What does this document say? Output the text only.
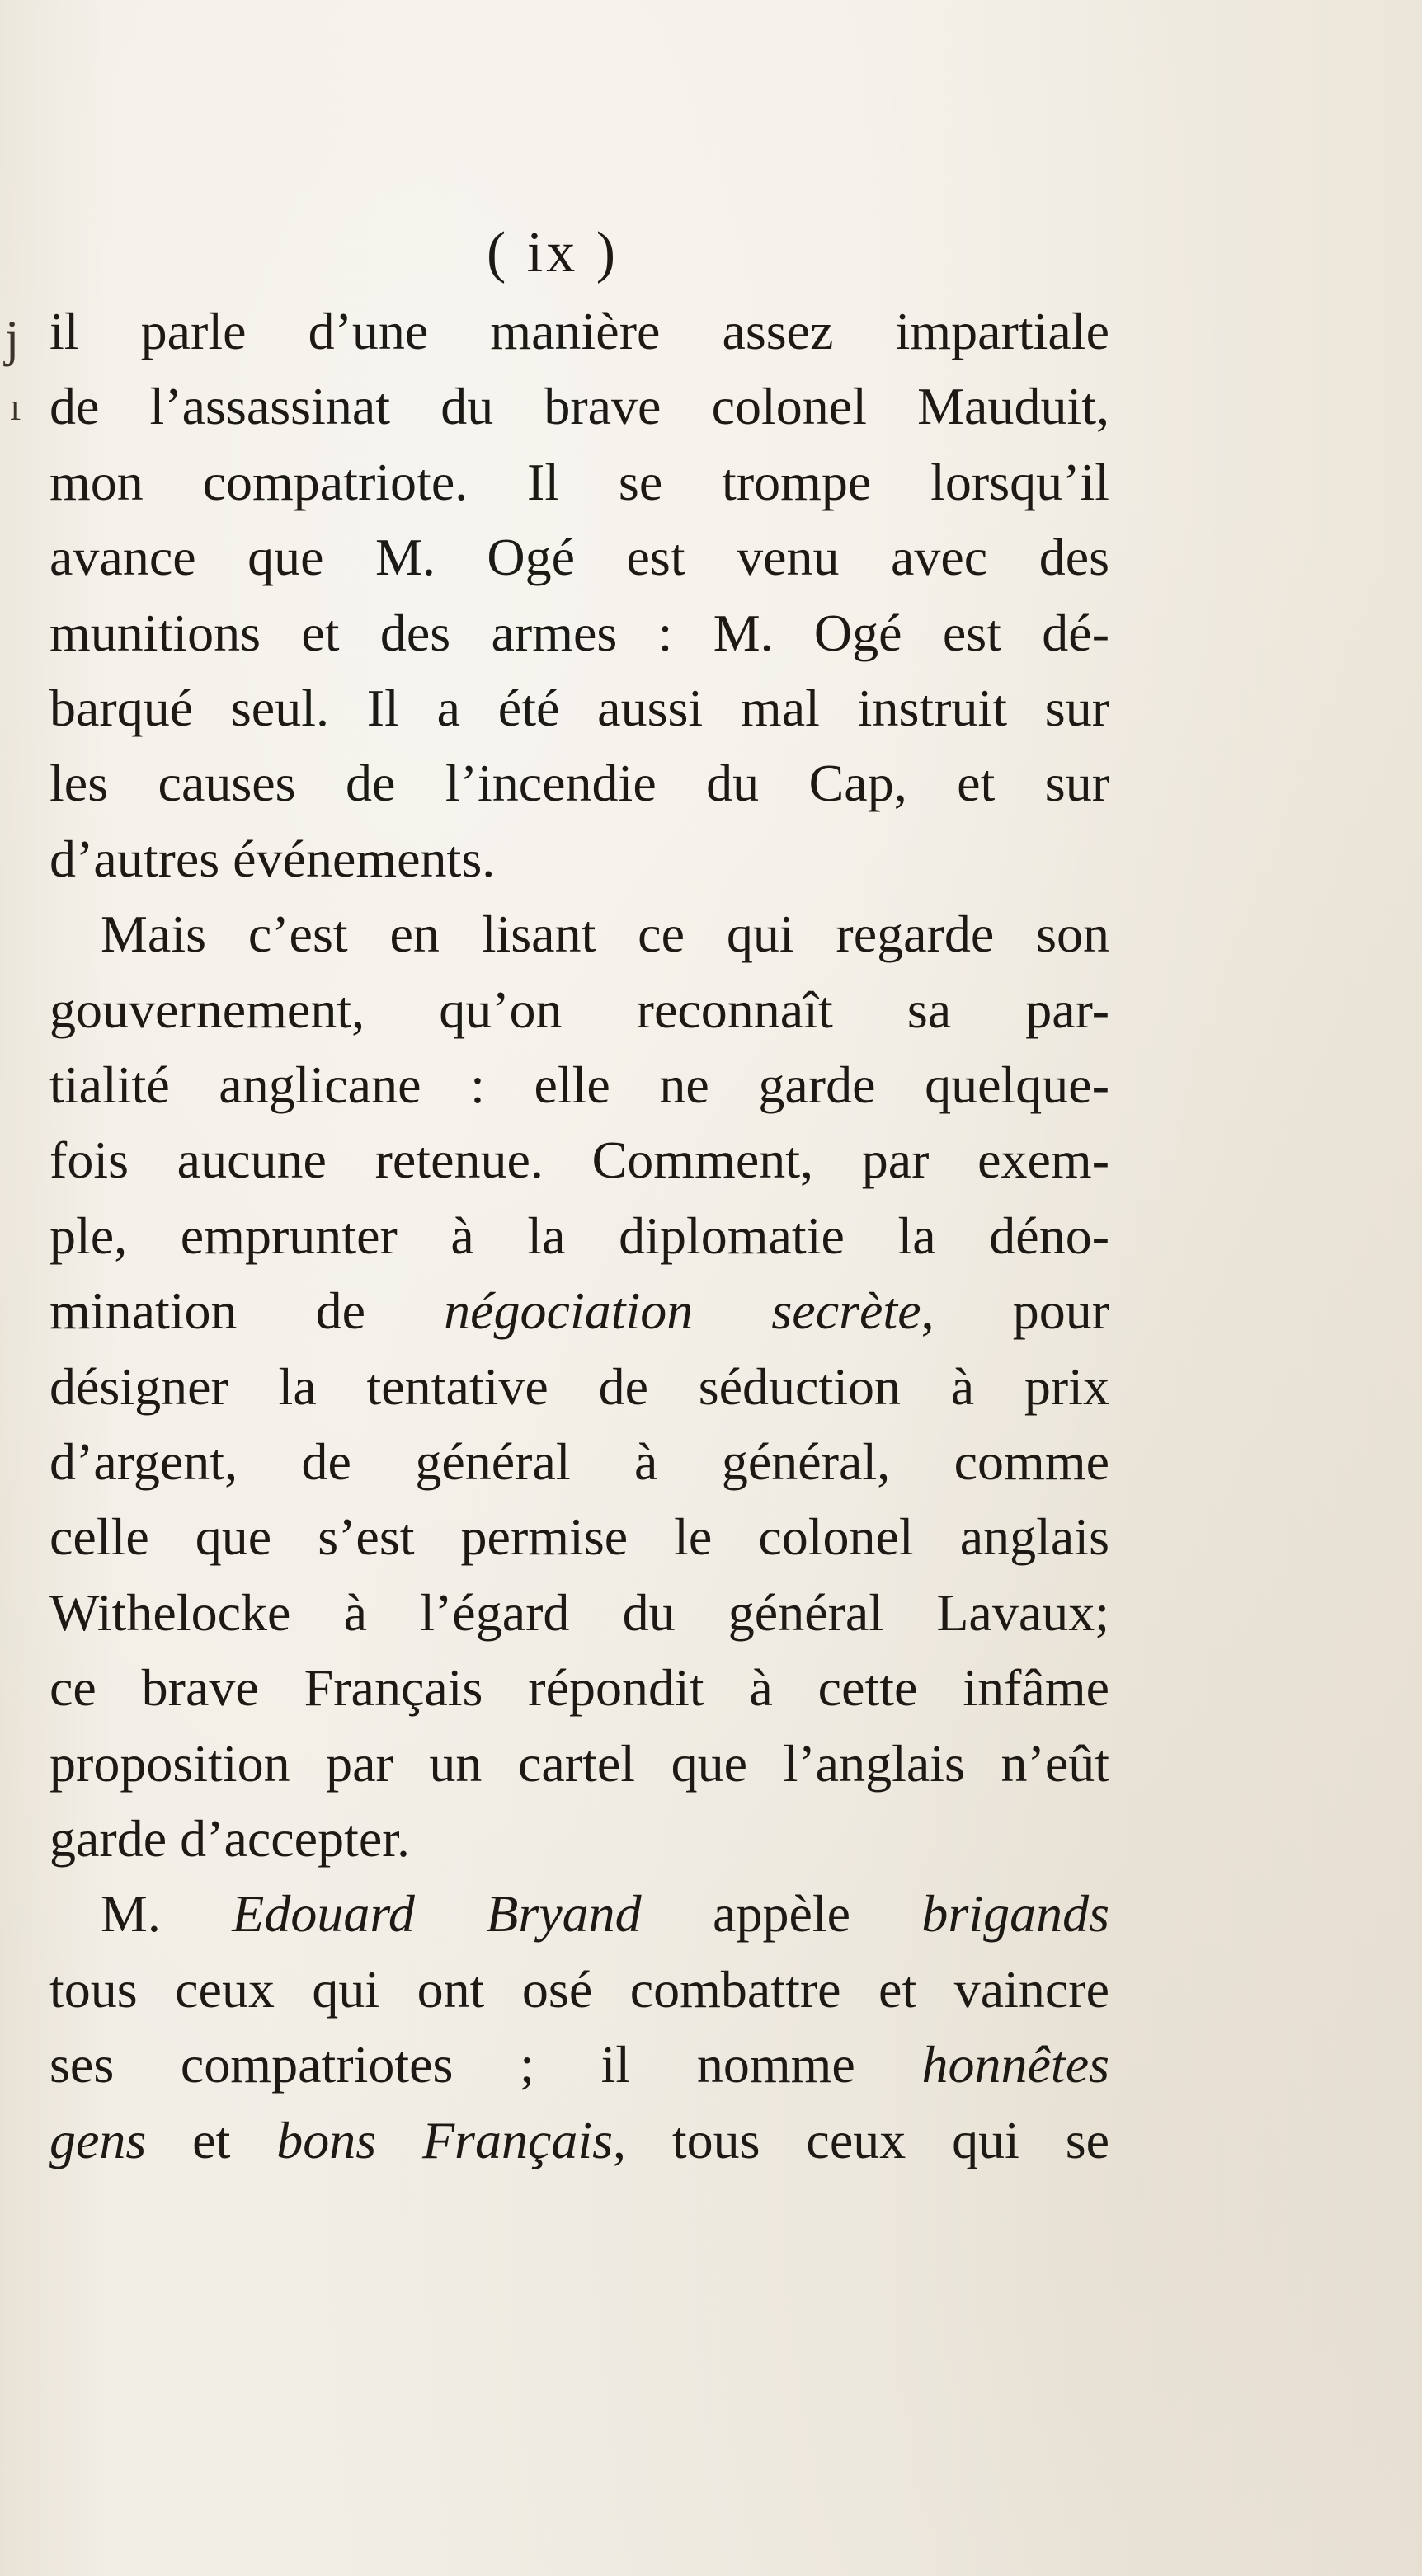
( ix )
j
ı
il parle d’une manière assez impartiale
de l’assassinat du brave colonel Mauduit,
mon compatriote. Il se trompe lorsqu’il
avance que M. Ogé est venu avec des
munitions et des armes : M. Ogé est dé-
barqué seul. Il a été aussi mal instruit sur
les causes de l’incendie du Cap, et sur
d’autres événements.
Mais c’est en lisant ce qui regarde son
gouvernement, qu’on reconnaît sa par-
tialité anglicane : elle ne garde quelque-
fois aucune retenue. Comment, par exem-
ple, emprunter à la diplomatie la déno-
mination de négociation secrète, pour
désigner la tentative de séduction à prix
d’argent, de général à général, comme
celle que s’est permise le colonel anglais
Withelocke à l’égard du général Lavaux;
ce brave Français répondit à cette infâme
proposition par un cartel que l’anglais n’eût
garde d’accepter.
M. Edouard Bryand appèle brigands
tous ceux qui ont osé combattre et vaincre
ses compatriotes ; il nomme honnêtes
gens et bons Français, tous ceux qui se
